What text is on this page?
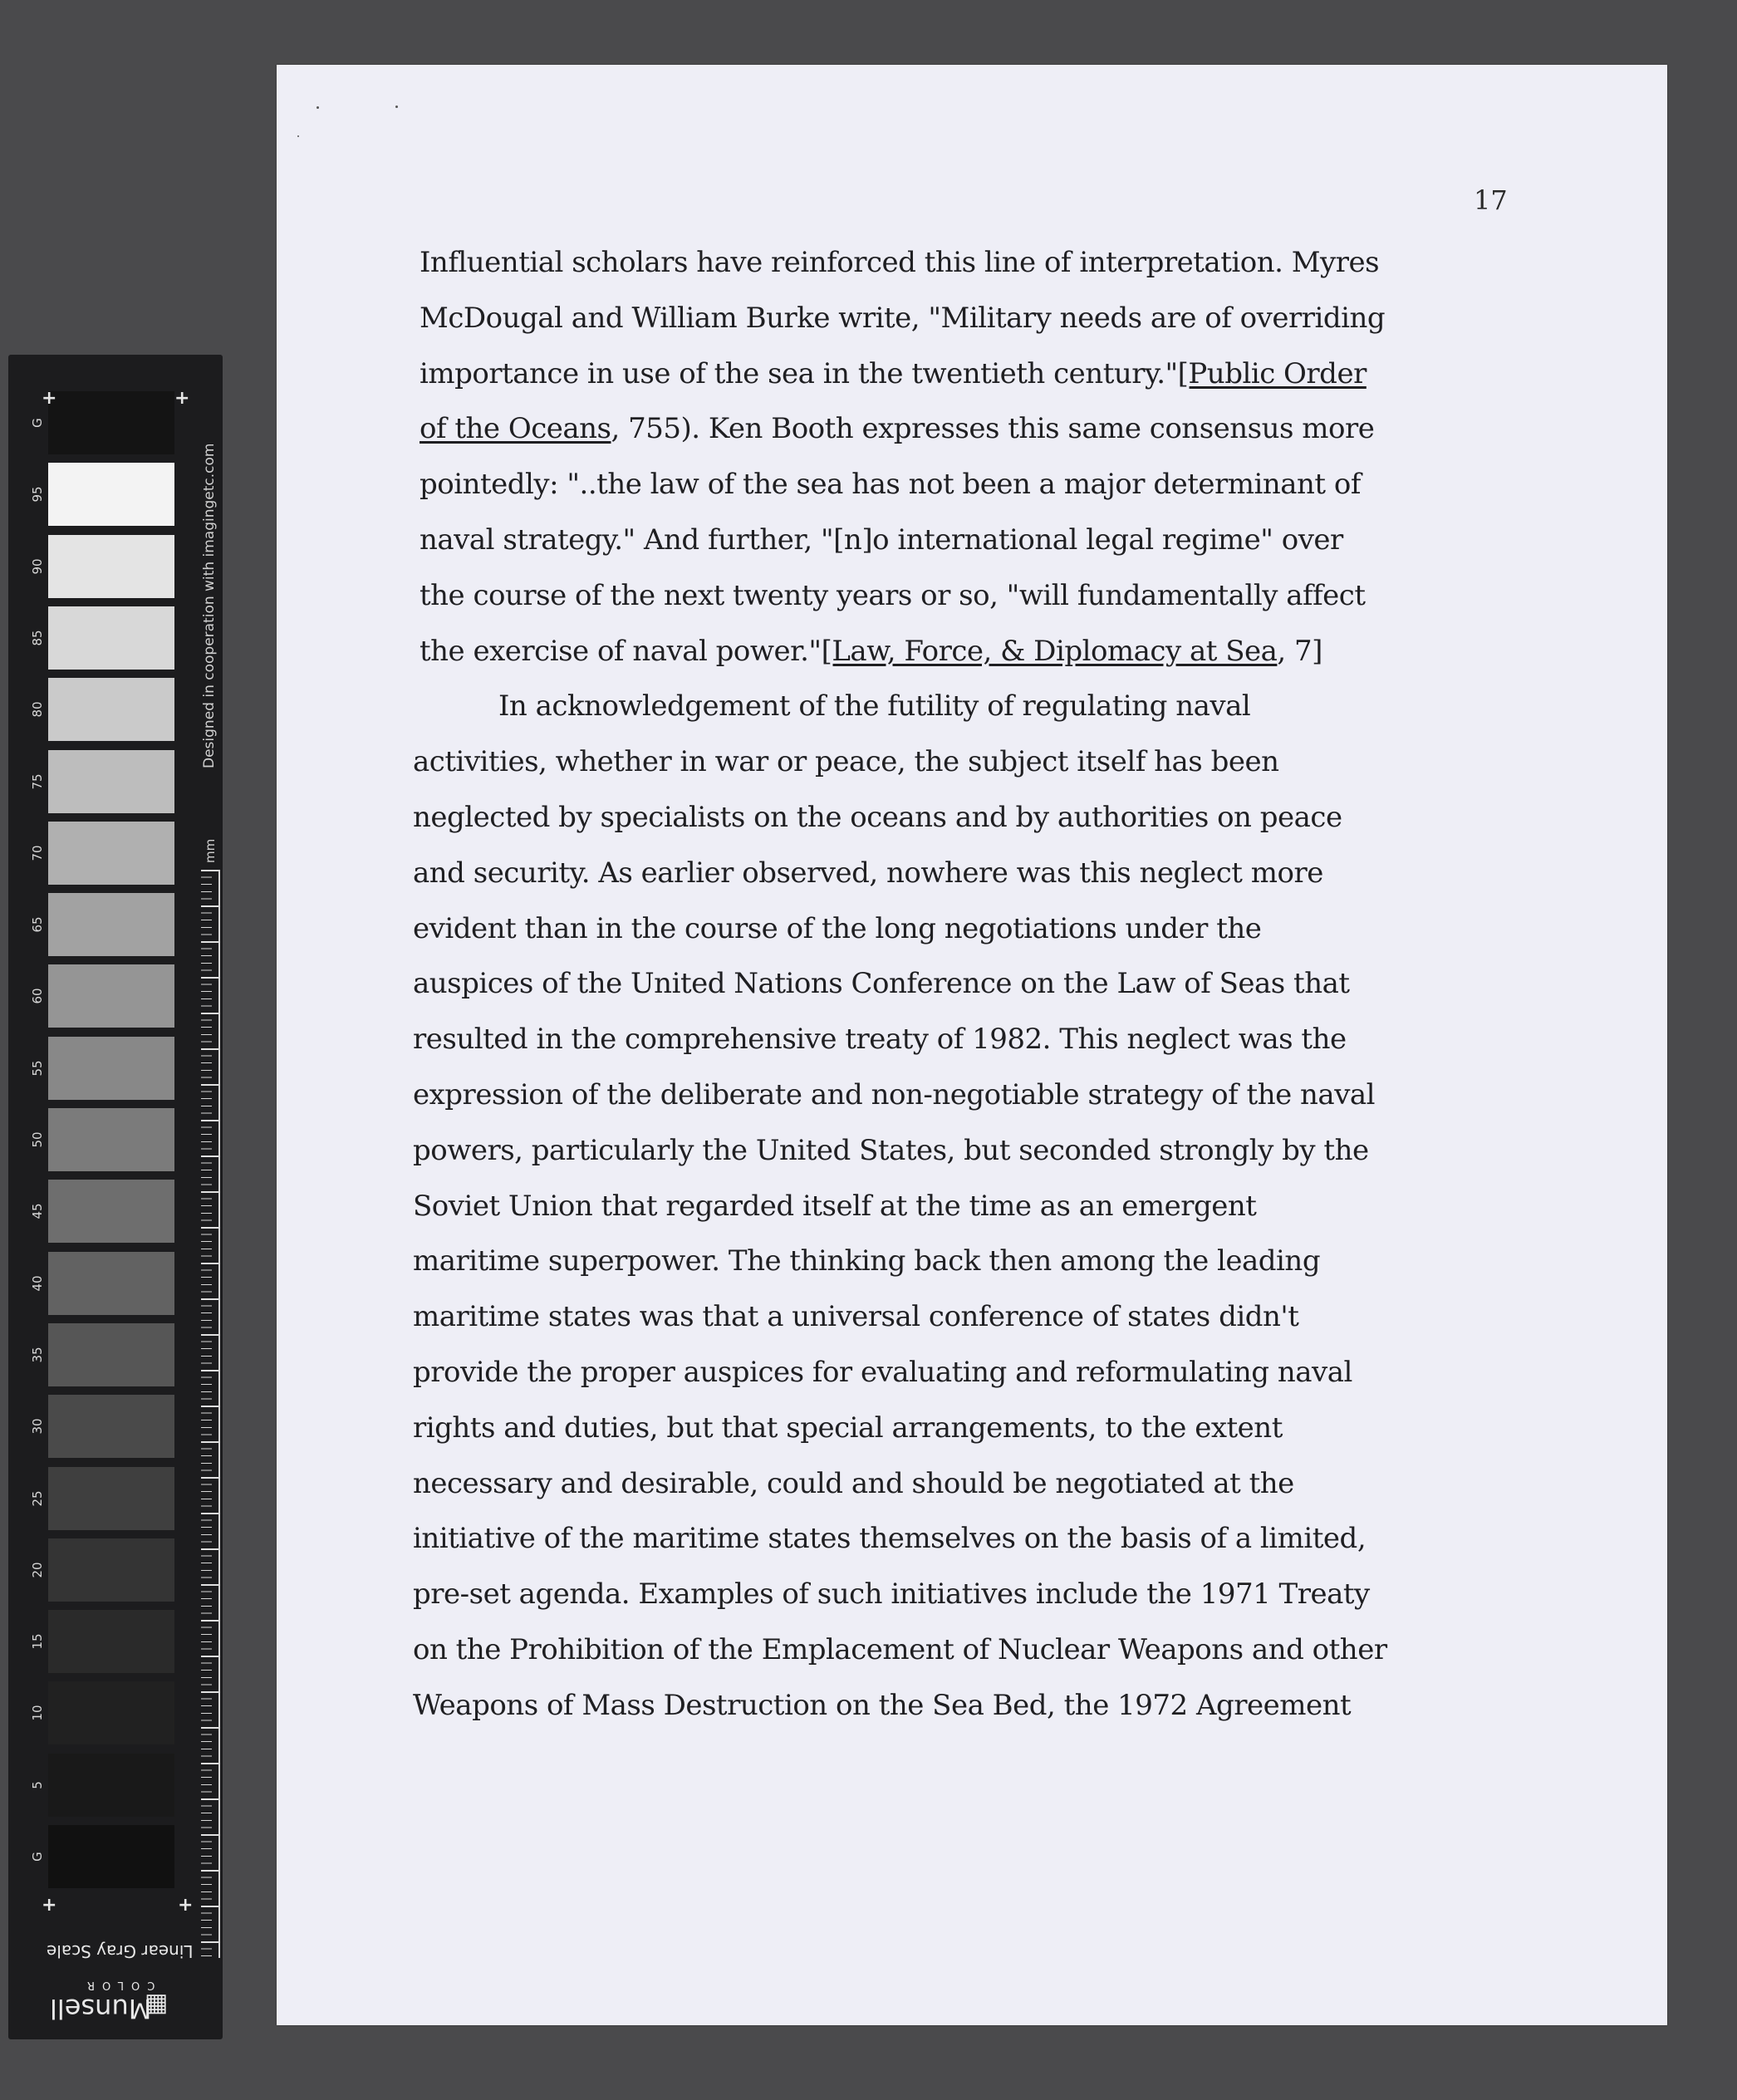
G
95
90
85
80
75
70
65
60
55
50
45
40
35
30
25
20
15
10
5
G
+	+
+	+
Designed in cooperation with imagingetc.com
mm
Linear Gray Scale
COLOR
Munsell
▦
17
Influential scholars have reinforced this line of interpretation. Myres
McDougal and William Burke write, "Military needs are of overriding
importance in use of the sea in the twentieth century."[Public Order
of the Oceans, 755). Ken Booth expresses this same consensus more
pointedly: "..the law of the sea has not been a major determinant of
naval strategy." And further, "[n]o international legal regime" over
the course of the next twenty years or so, "will fundamentally affect
the exercise of naval power."[Law, Force, & Diplomacy at Sea, 7]
In acknowledgement of the futility of regulating naval
activities, whether in war or peace, the subject itself has been
neglected by specialists on the oceans and by authorities on peace
and security. As earlier observed, nowhere was this neglect more
evident than in the course of the long negotiations under the
auspices of the United Nations Conference on the Law of Seas that
resulted in the comprehensive treaty of 1982. This neglect was the
expression of the deliberate and non-negotiable strategy of the naval
powers, particularly the United States, but seconded strongly by the
Soviet Union that regarded itself at the time as an emergent
maritime superpower. The thinking back then among the leading
maritime states was that a universal conference of states didn't
provide the proper auspices for evaluating and reformulating naval
rights and duties, but that special arrangements, to the extent
necessary and desirable, could and should be negotiated at the
initiative of the maritime states themselves on the basis of a limited,
pre-set agenda. Examples of such initiatives include the 1971 Treaty
on the Prohibition of the Emplacement of Nuclear Weapons and other
Weapons of Mass Destruction on the Sea Bed, the 1972 Agreement
